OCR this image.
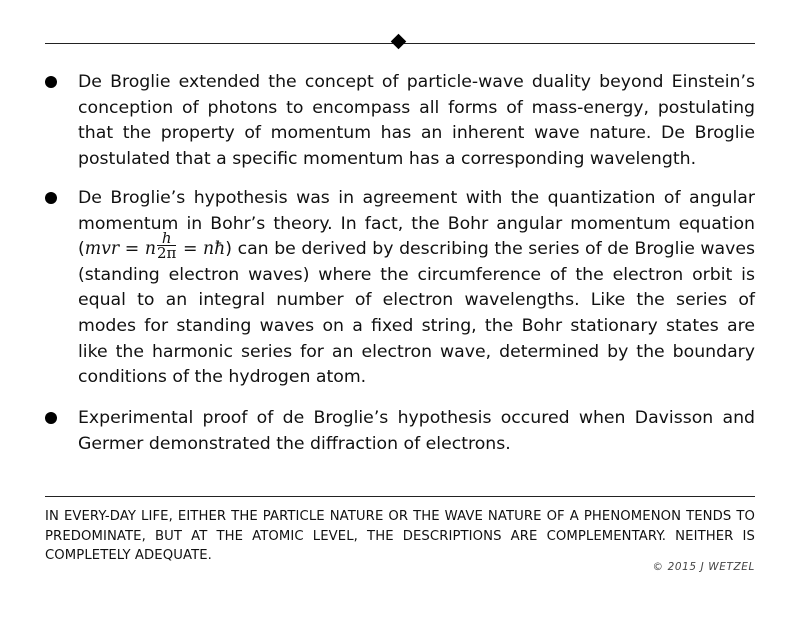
De Broglie extended the concept of particle-wave duality beyond Einstein’s conception of photons to encompass all forms of mass-energy, postulating that the property of momentum has an inherent wave nature. De Broglie postulated that a specific momentum has a corresponding wavelength.

De Broglie’s hypothesis was in agreement with the quantization of angular momentum in Bohr’s theory. In fact, the Bohr angular momentum equation (mvr = n $\frac{h}{2\pi}$ = nħ) can be derived by describing the series of de Broglie waves (standing electron waves) where the circumference of the electron orbit is equal to an integral number of electron wavelengths. Like the series of modes for standing waves on a fixed string, the Bohr stationary states are like the harmonic series for an electron wave, determined by the boundary conditions of the hydrogen atom.

Experimental proof of de Broglie’s hypothesis occured when Davisson and Germer demonstrated the diffraction of electrons.

IN EVERY-DAY LIFE, EITHER THE PARTICLE NATURE OR THE WAVE NATURE OF A PHENOMENON TENDS TO PREDOMINATE, BUT AT THE ATOMIC LEVEL, THE DESCRIPTIONS ARE COMPLEMENTARY. NEITHER IS COMPLETELY ADEQUATE.

© 2015 J WETZEL
